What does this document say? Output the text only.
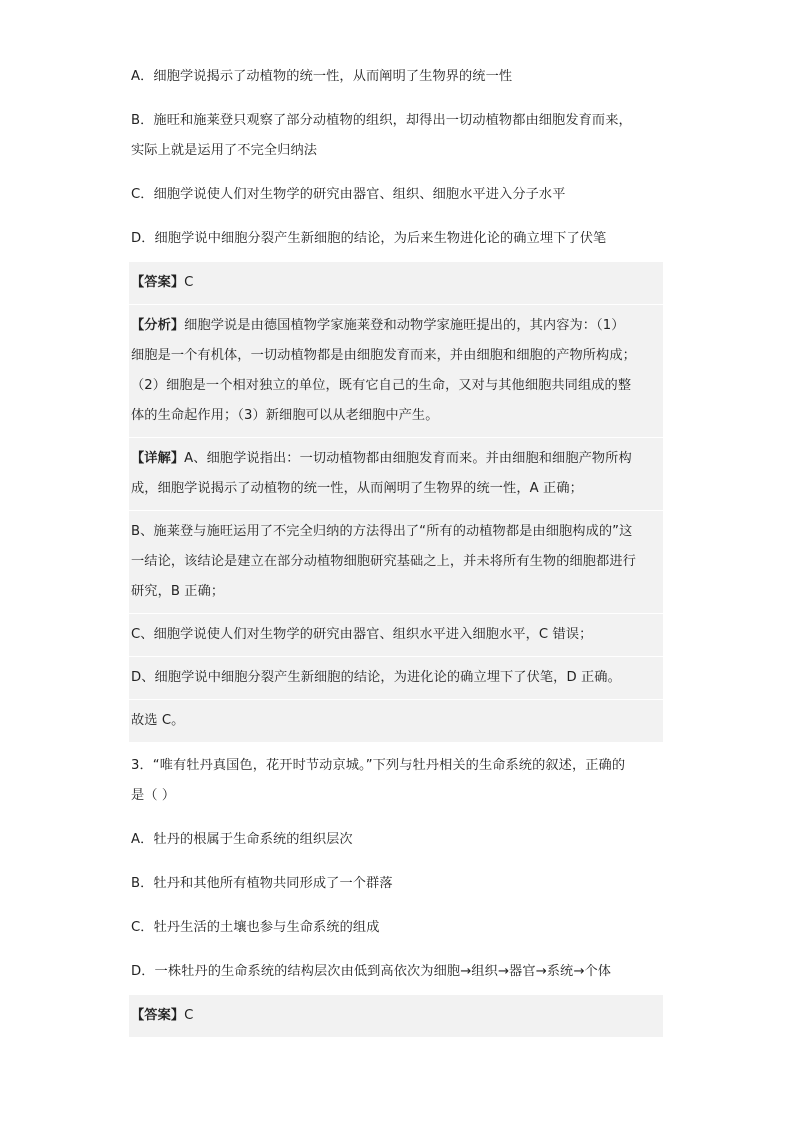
A．细胞学说揭示了动植物的统一性，从而阐明了生物界的统一性
B．施旺和施莱登只观察了部分动植物的组织，却得出一切动植物都由细胞发育而来，
实际上就是运用了不完全归纳法
C．细胞学说使人们对生物学的研究由器官、组织、细胞水平进入分子水平
D．细胞学说中细胞分裂产生新细胞的结论，为后来生物进化论的确立埋下了伏笔
【答案】C
【分析】细胞学说是由德国植物学家施莱登和动物学家施旺提出的，其内容为：（1）
细胞是一个有机体，一切动植物都是由细胞发育而来，并由细胞和细胞的产物所构成；
（2）细胞是一个相对独立的单位，既有它自己的生命，又对与其他细胞共同组成的整
体的生命起作用；（3）新细胞可以从老细胞中产生。
【详解】A、细胞学说指出：一切动植物都由细胞发育而来。并由细胞和细胞产物所构
成，细胞学说揭示了动植物的统一性，从而阐明了生物界的统一性，A 正确；
B、施莱登与施旺运用了不完全归纳的方法得出了“所有的动植物都是由细胞构成的”这
一结论，该结论是建立在部分动植物细胞研究基础之上，并未将所有生物的细胞都进行
研究，B 正确；
C、细胞学说使人们对生物学的研究由器官、组织水平进入细胞水平，C 错误；
D、细胞学说中细胞分裂产生新细胞的结论，为进化论的确立埋下了伏笔，D 正确。
故选 C。
3．“唯有牡丹真国色，花开时节动京城。”下列与牡丹相关的生命系统的叙述，正确的
是（ ）
A．牡丹的根属于生命系统的组织层次
B．牡丹和其他所有植物共同形成了一个群落
C．牡丹生活的土壤也参与生命系统的组成
D．一株牡丹的生命系统的结构层次由低到高依次为细胞→组织→器官→系统→个体
【答案】C
